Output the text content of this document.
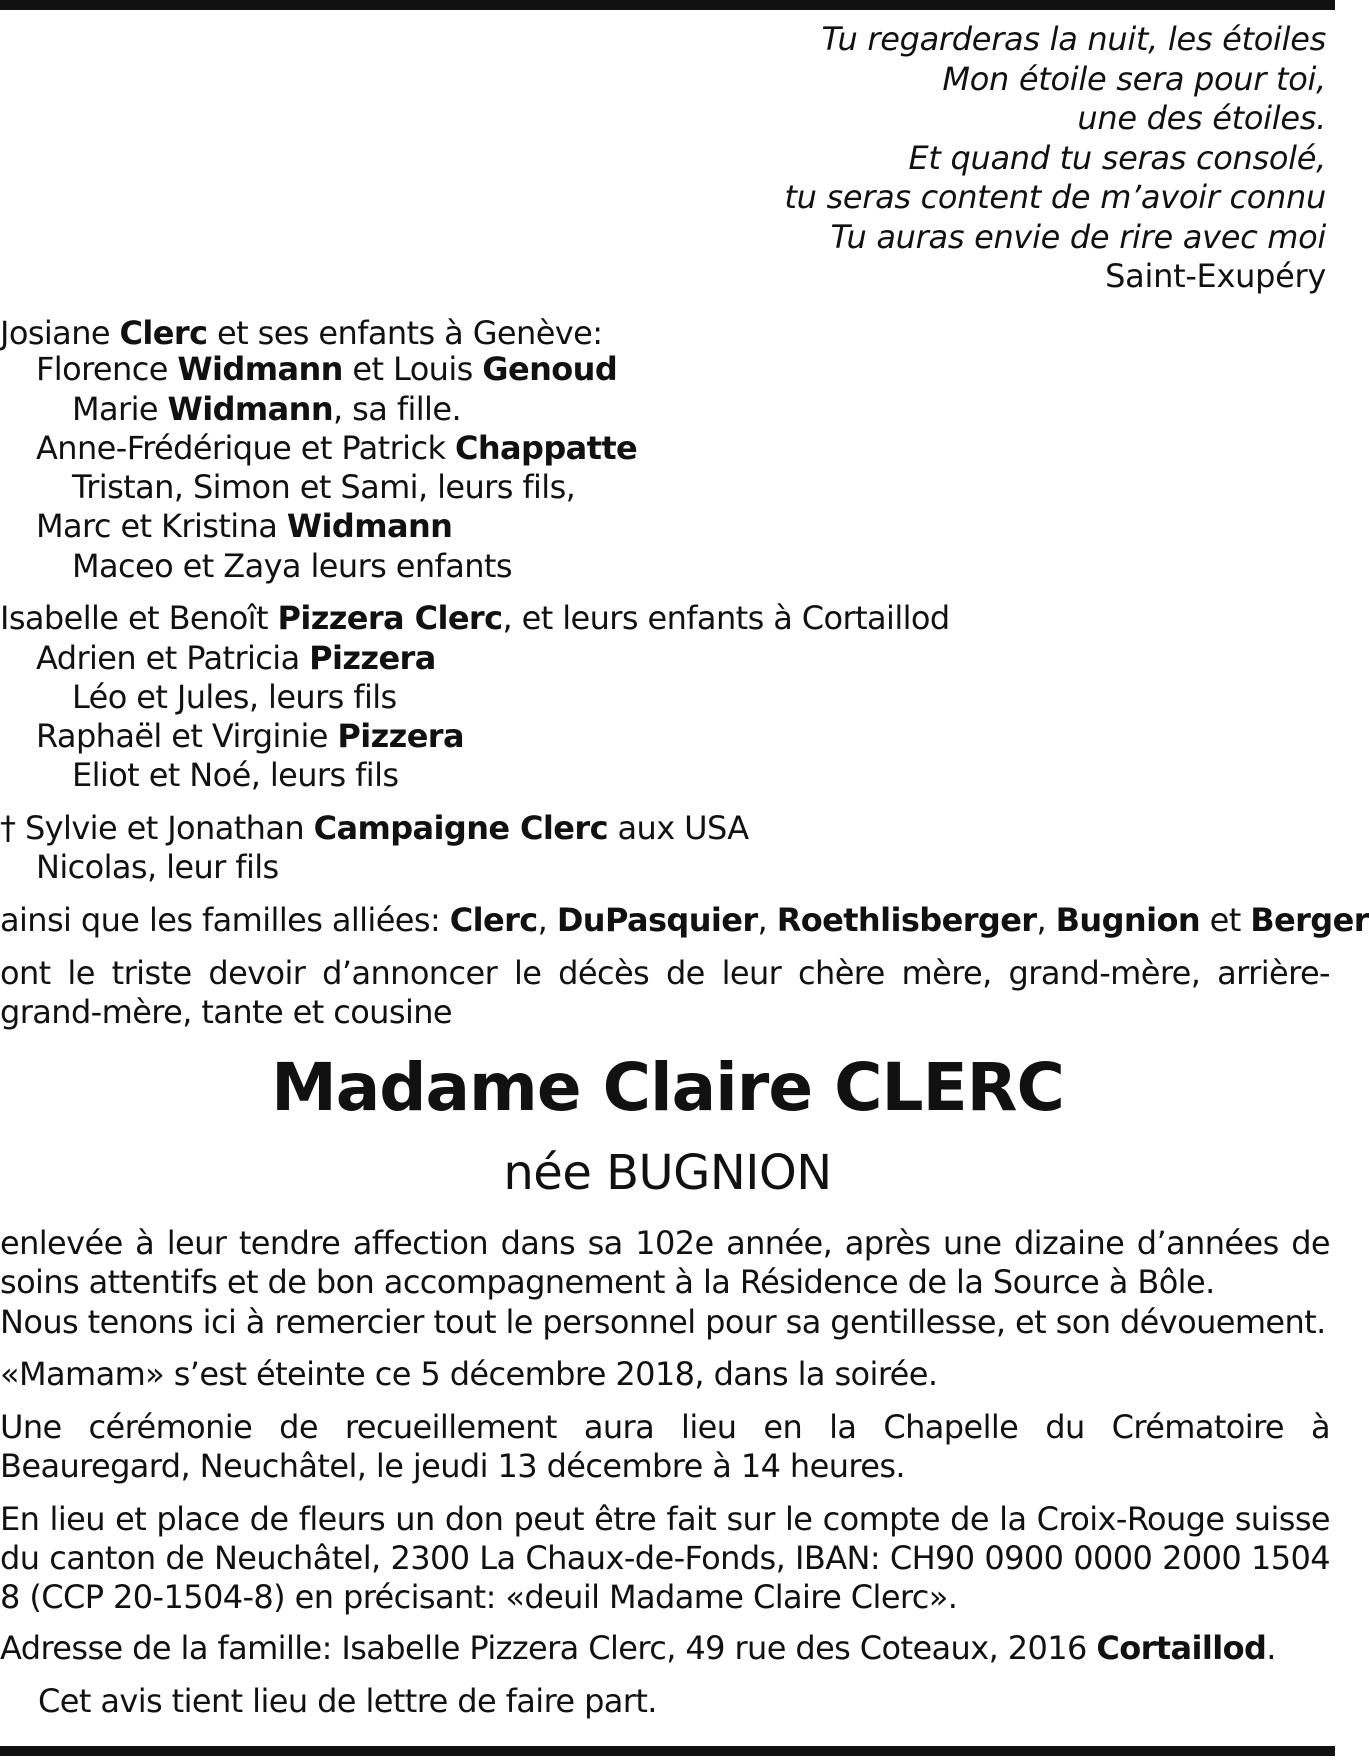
Tu regarderas la nuit, les étoiles
Mon étoile sera pour toi,
une des étoiles.
Et quand tu seras consolé,
tu seras content de m’avoir connu
Tu auras envie de rire avec moi
Saint-Exupéry
Josiane Clerc et ses enfants à Genève:
Florence Widmann et Louis Genoud
Marie Widmann, sa fille.
Anne-Frédérique et Patrick Chappatte
Tristan, Simon et Sami, leurs fils,
Marc et Kristina Widmann
Maceo et Zaya leurs enfants
Isabelle et Benoît Pizzera Clerc, et leurs enfants à Cortaillod
Adrien et Patricia Pizzera
Léo et Jules, leurs fils
Raphaël et Virginie Pizzera
Eliot et Noé, leurs fils
† Sylvie et Jonathan Campaigne Clerc aux USA
Nicolas, leur fils
ainsi que les familles alliées: Clerc, DuPasquier, Roethlisberger, Bugnion et Berger
ont le triste devoir d’annoncer le décès de leur chère mère, grand-mère, arrière-grand-mère, tante et cousine
Madame Claire CLERC
née BUGNION
enlevée à leur tendre affection dans sa 102e année, après une dizaine d’années de soins attentifs et de bon accompagnement à la Résidence de la Source à Bôle.
Nous tenons ici à remercier tout le personnel pour sa gentillesse, et son dévouement.
«Mamam» s’est éteinte ce 5 décembre 2018, dans la soirée.
Une cérémonie de recueillement aura lieu en la Chapelle du Crématoire à Beauregard, Neuchâtel, le jeudi 13 décembre à 14 heures.
En lieu et place de fleurs un don peut être fait sur le compte de la Croix-Rouge suisse du canton de Neuchâtel, 2300 La Chaux-de-Fonds, IBAN: CH90 0900 0000 2000 1504 8 (CCP 20-1504-8) en précisant: «deuil Madame Claire Clerc».
Adresse de la famille: Isabelle Pizzera Clerc, 49 rue des Coteaux, 2016 Cortaillod.
Cet avis tient lieu de lettre de faire part.
